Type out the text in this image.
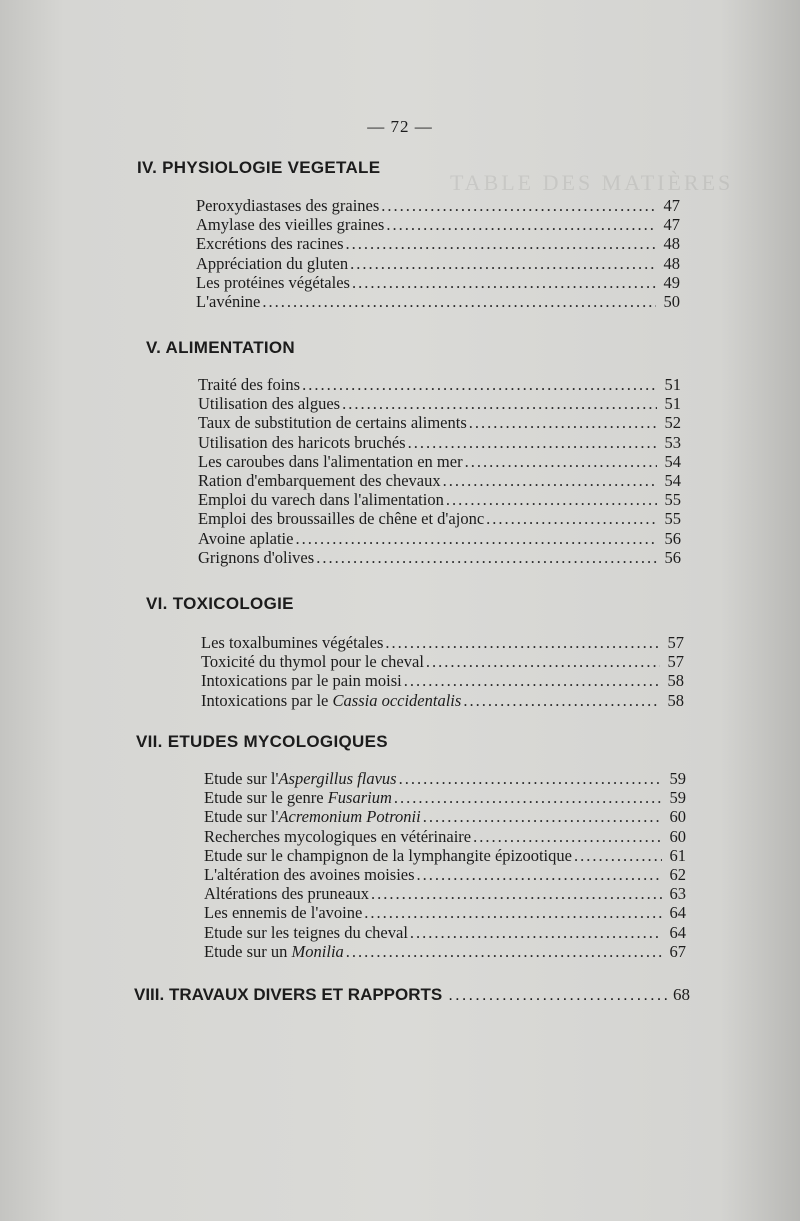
TABLE DES MATIÈRES
— 72 —
IV. PHYSIOLOGIE VEGETALE
Peroxydiastases des graines .....	47
Amylase des vieilles graines .....	47
Excrétions des racines .....	48
Appréciation du gluten .....	48
Les protéines végétales .....	49
L'avénine .....	50
V. ALIMENTATION
Traité des foins .....	51
Utilisation des algues .....	51
Taux de substitution de certains aliments .....	52
Utilisation des haricots bruchés .....	53
Les caroubes dans l'alimentation en mer .....	54
Ration d'embarquement des chevaux .....	54
Emploi du varech dans l'alimentation .....	55
Emploi des broussailles de chêne et d'ajonc .....	55
Avoine aplatie .....	56
Grignons d'olives .....	56
VI. TOXICOLOGIE
Les toxalbumines végétales .....	57
Toxicité du thymol pour le cheval .....	57
Intoxications par le pain moisi .....	58
Intoxications par le Cassia occidentalis .....	58
VII. ETUDES MYCOLOGIQUES
Etude sur l'Aspergillus flavus .....	59
Etude sur le genre Fusarium .....	59
Etude sur l'Acremonium Potronii .....	60
Recherches mycologiques en vétérinaire .....	60
Etude sur le champignon de la lymphangite épizootique .....	61
L'altération des avoines moisies .....	62
Altérations des pruneaux .....	63
Les ennemis de l'avoine .....	64
Etude sur les teignes du cheval .....	64
Etude sur un Monilia .....	67
VIII. TRAVAUX DIVERS ET RAPPORTS .....	68
